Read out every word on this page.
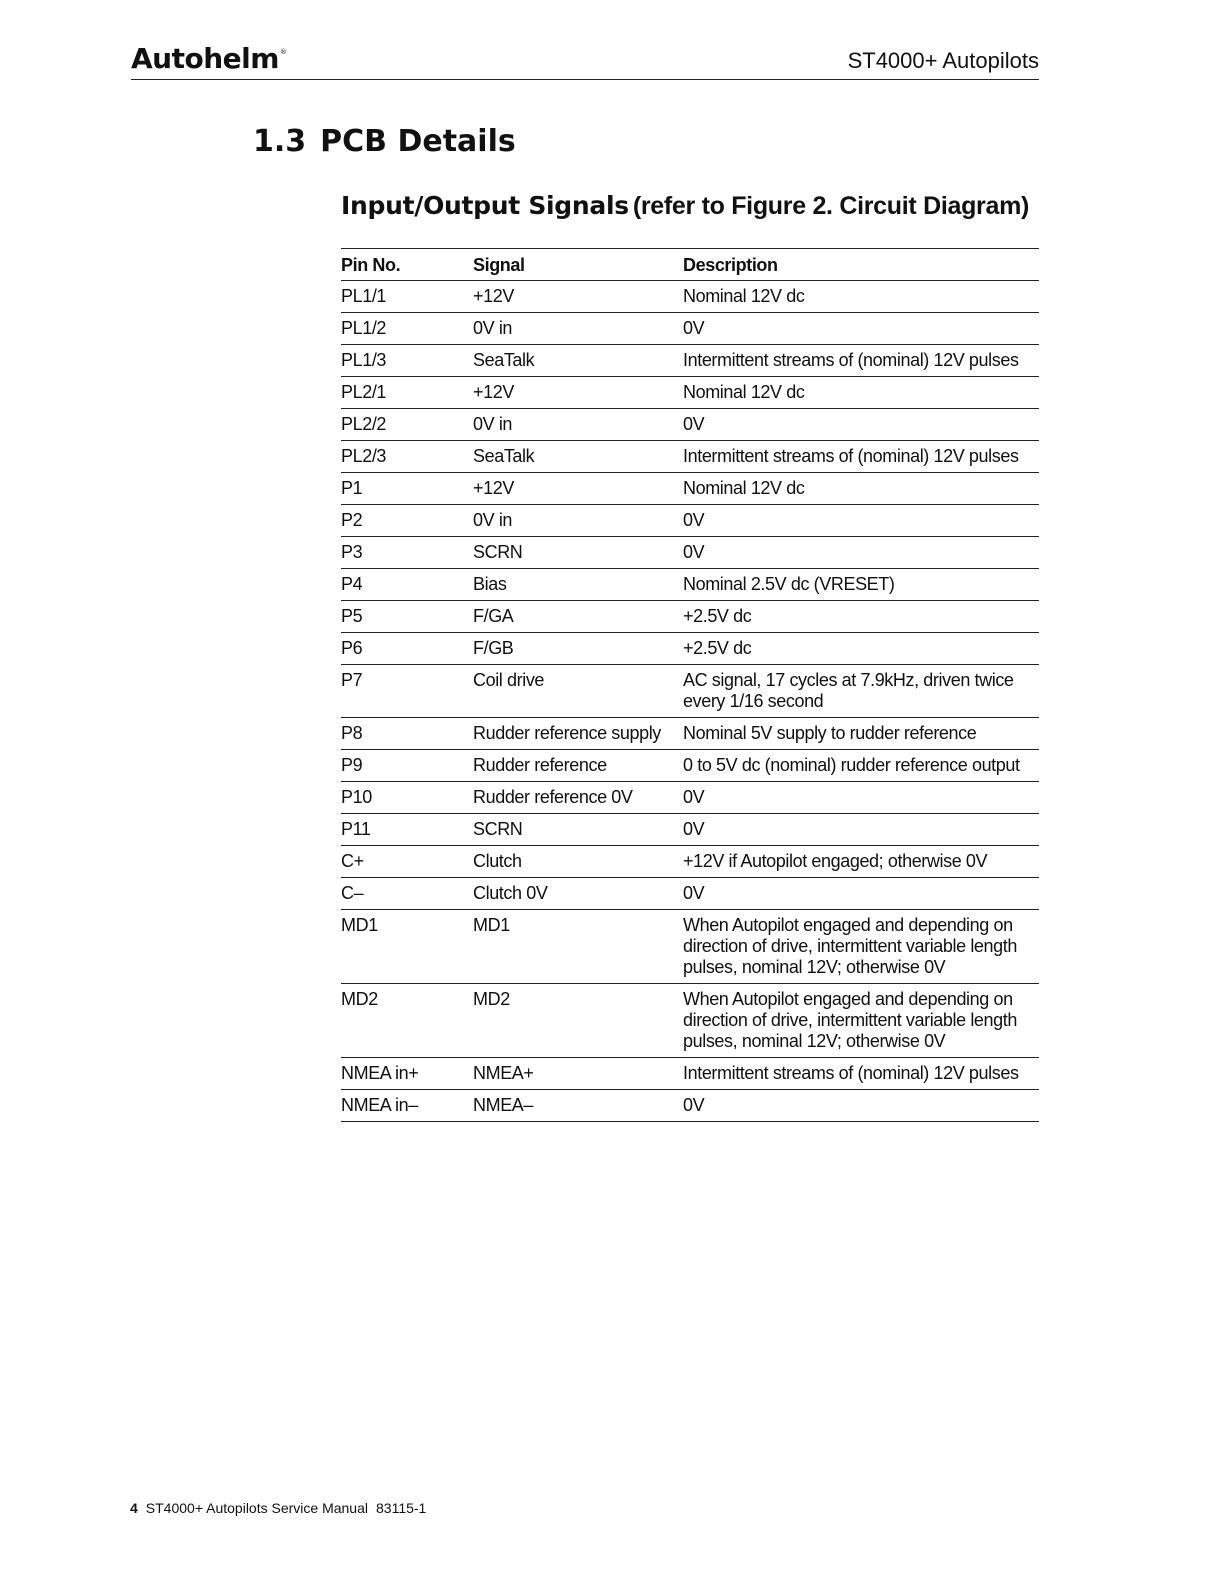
Autohelm®	ST4000+ Autopilots
1.3 PCB Details
Input/Output Signals (refer to Figure 2. Circuit Diagram)
Pin No.	Signal	Description
PL1/1	+12V	Nominal 12V dc
PL1/2	0V in	0V
PL1/3	SeaTalk	Intermittent streams of (nominal) 12V pulses
PL2/1	+12V	Nominal 12V dc
PL2/2	0V in	0V
PL2/3	SeaTalk	Intermittent streams of (nominal) 12V pulses
P1	+12V	Nominal 12V dc
P2	0V in	0V
P3	SCRN	0V
P4	Bias	Nominal 2.5V dc (VRESET)
P5	F/GA	+2.5V dc
P6	F/GB	+2.5V dc
P7	Coil drive	AC signal, 17 cycles at 7.9kHz, driven twice every 1/16 second
P8	Rudder reference supply	Nominal 5V supply to rudder reference
P9	Rudder reference	0 to 5V dc (nominal) rudder reference output
P10	Rudder reference 0V	0V
P11	SCRN	0V
C+	Clutch	+12V if Autopilot engaged; otherwise 0V
C–	Clutch 0V	0V
MD1	MD1	When Autopilot engaged and depending on direction of drive, intermittent variable length pulses, nominal 12V; otherwise 0V
MD2	MD2	When Autopilot engaged and depending on direction of drive, intermittent variable length pulses, nominal 12V; otherwise 0V
NMEA in+	NMEA+	Intermittent streams of (nominal) 12V pulses
NMEA in–	NMEA–	0V
4 ST4000+ Autopilots Service Manual 83115-1
